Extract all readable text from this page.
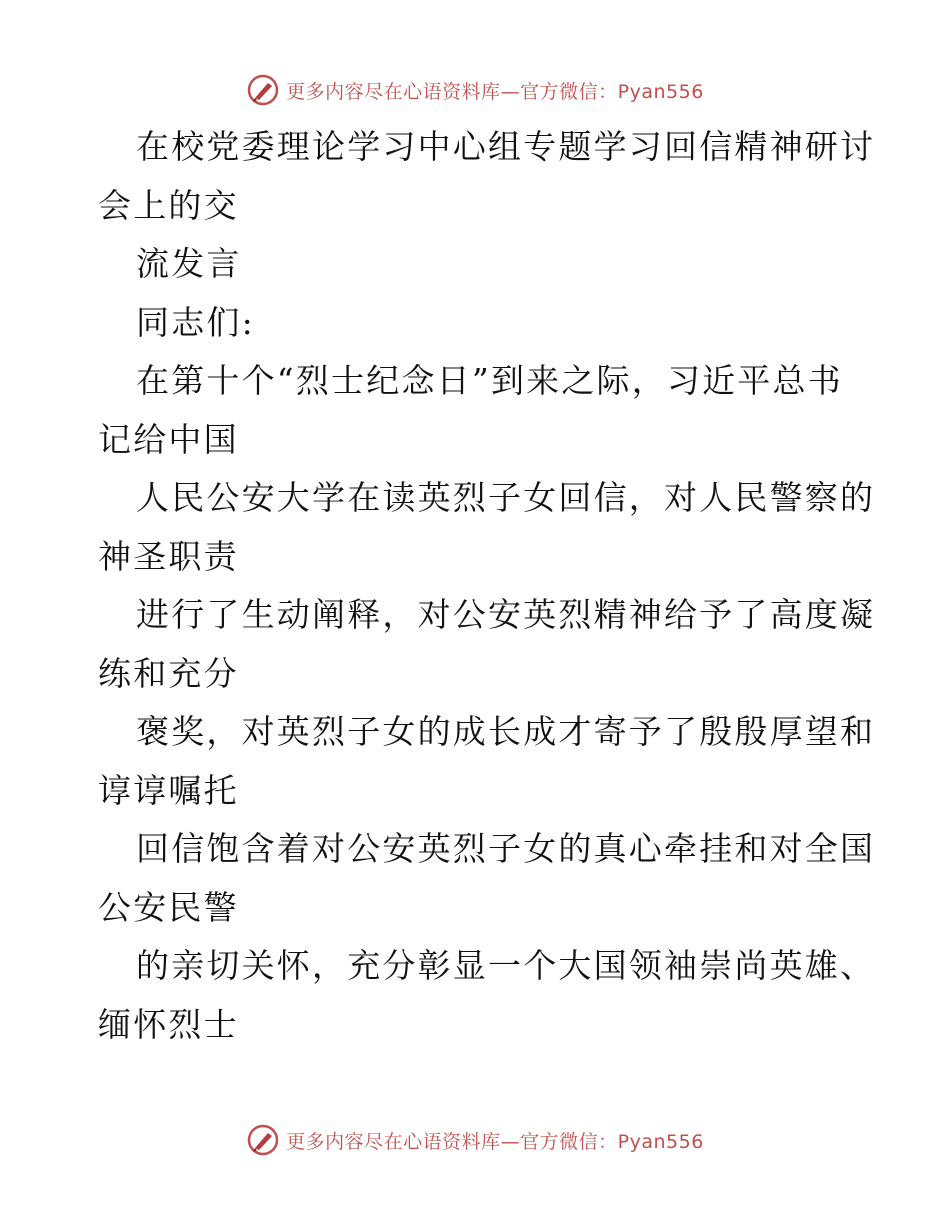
更多内容尽在心语资料库—官方微信：Pyan556
在校党委理论学习中心组专题学习回信精神研讨
会上的交
流发言
同志们:
在第十个“烈士纪念日”到来之际，习近平总书
记给中国
人民公安大学在读英烈子女回信，对人民警察的
神圣职责
进行了生动阐释，对公安英烈精神给予了高度凝
练和充分
褒奖，对英烈子女的成长成才寄予了殷殷厚望和
谆谆嘱托
回信饱含着对公安英烈子女的真心牵挂和对全国
公安民警
的亲切关怀，充分彰显一个大国领袖崇尚英雄、
缅怀烈士
更多内容尽在心语资料库—官方微信：Pyan556
